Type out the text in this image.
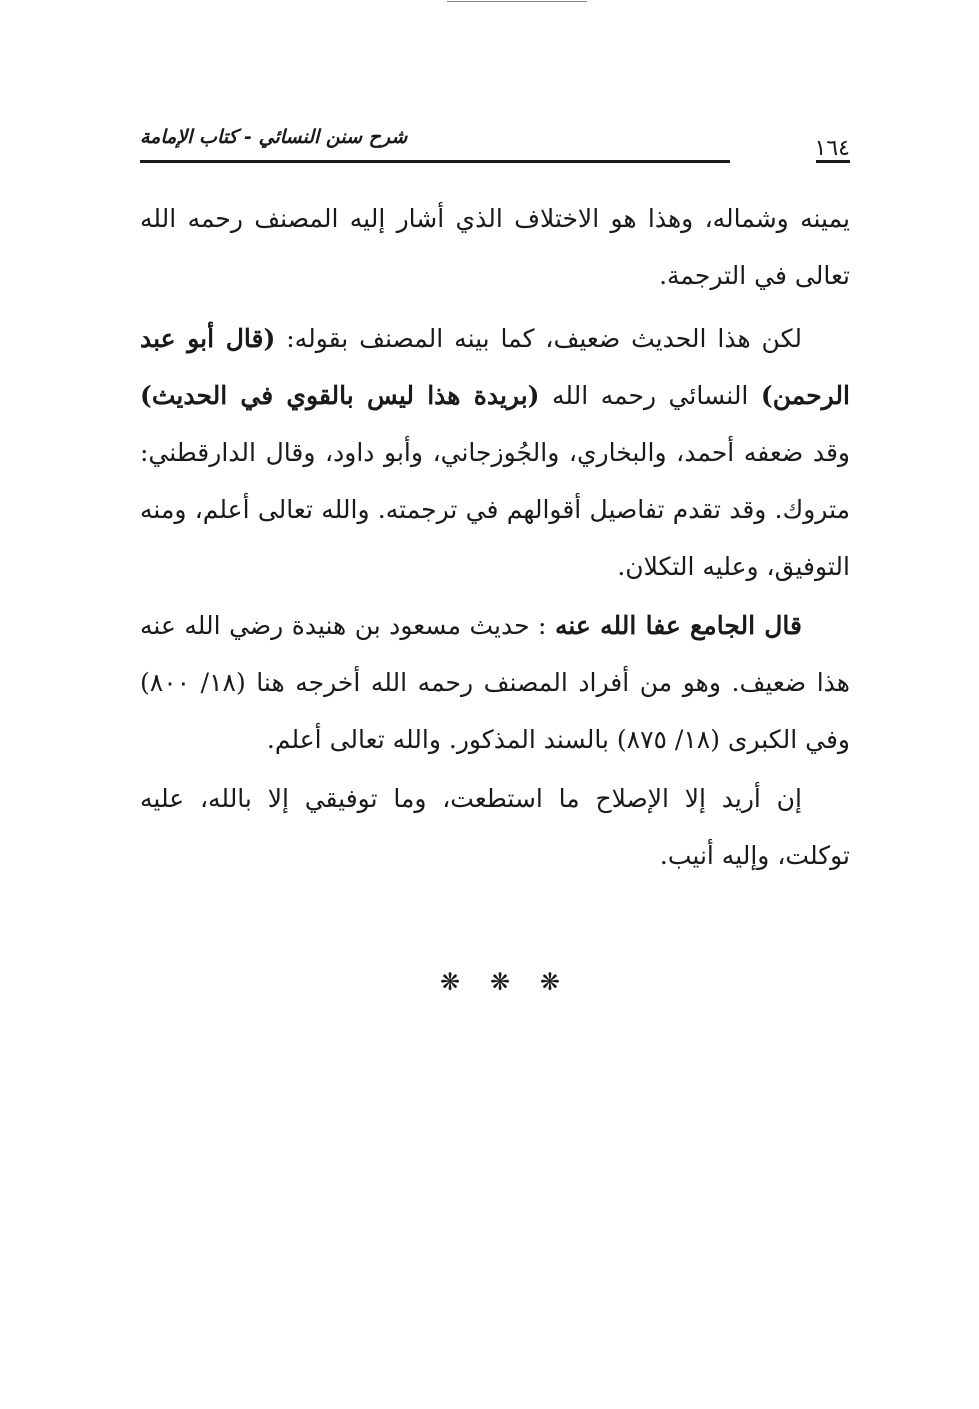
شرح سنن النسائي - كتاب الإمامة	١٦٤
يمينه وشماله، وهذا هو الاختلاف الذي أشار إليه المصنف رحمه الله تعالى في الترجمة.
لكن هذا الحديث ضعيف، كما بينه المصنف بقوله: (قال أبو عبد الرحمن) النسائي رحمه الله (بريدة هذا ليس بالقوي في الحديث) وقد ضعفه أحمد، والبخاري، والجُوزجاني، وأبو داود، وقال الدارقطني: متروك. وقد تقدم تفاصيل أقوالهم في ترجمته. والله تعالى أعلم، ومنه التوفيق، وعليه التكلان.
قال الجامع عفا الله عنه : حديث مسعود بن هنيدة رضي الله عنه هذا ضعيف. وهو من أفراد المصنف رحمه الله أخرجه هنا (١٨/ ٨٠٠) وفي الكبرى (١٨/ ٨٧٥) بالسند المذكور. والله تعالى أعلم.
إن أريد إلا الإصلاح ما استطعت، وما توفيقي إلا بالله، عليه توكلت، وإليه أنيب.
❋ ❋ ❋
